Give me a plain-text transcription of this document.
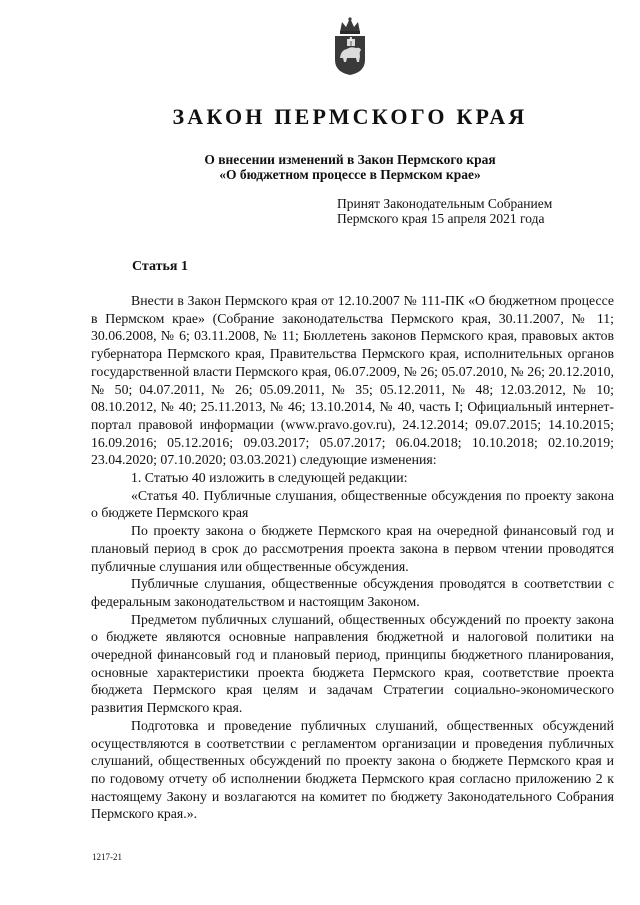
ЗАКОН ПЕРМСКОГО КРАЯ
О внесении изменений в Закон Пермского края
«О бюджетном процессе в Пермском крае»
Принят Законодательным Собранием
Пермского края 15 апреля 2021 года
Статья 1

Внести в Закон Пермского края от 12.10.2007 № 111-ПК «О бюджетном процессе в Пермском крае» (Собрание законодательства Пермского края, 30.11.2007, № 11; 30.06.2008, № 6; 03.11.2008, № 11; Бюллетень законов Пермского края, правовых актов губернатора Пермского края, Правительства Пермского края, исполнительных органов государственной власти Пермского края, 06.07.2009, № 26; 05.07.2010, № 26; 20.12.2010, № 50; 04.07.2011, № 26; 05.09.2011, № 35; 05.12.2011, № 48; 12.03.2012, № 10; 08.10.2012, № 40; 25.11.2013, № 46; 13.10.2014, № 40, часть I; Официальный интернет-портал правовой информации (www.pravo.gov.ru), 24.12.2014; 09.07.2015; 14.10.2015; 16.09.2016; 05.12.2016; 09.03.2017; 05.07.2017; 06.04.2018; 10.10.2018; 02.10.2019; 23.04.2020; 07.10.2020; 03.03.2021) следующие изменения:

1. Статью 40 изложить в следующей редакции:

«Статья 40. Публичные слушания, общественные обсуждения по проекту закона о бюджете Пермского края

По проекту закона о бюджете Пермского края на очередной финансовый год и плановый период в срок до рассмотрения проекта закона в первом чтении проводятся публичные слушания или общественные обсуждения.

Публичные слушания, общественные обсуждения проводятся в соответствии с федеральным законодательством и настоящим Законом.

Предметом публичных слушаний, общественных обсуждений по проекту закона о бюджете являются основные направления бюджетной и налоговой политики на очередной финансовый год и плановый период, принципы бюджетного планирования, основные характеристики проекта бюджета Пермского края, соответствие проекта бюджета Пермского края целям и задачам Стратегии социально-экономического развития Пермского края.

Подготовка и проведение публичных слушаний, общественных обсуждений осуществляются в соответствии с регламентом организации и проведения публичных слушаний, общественных обсуждений по проекту закона о бюджете Пермского края и по годовому отчету об исполнении бюджета Пермского края согласно приложению 2 к настоящему Закону и возлагаются на комитет по бюджету Законодательного Собрания Пермского края.».

1217-21
